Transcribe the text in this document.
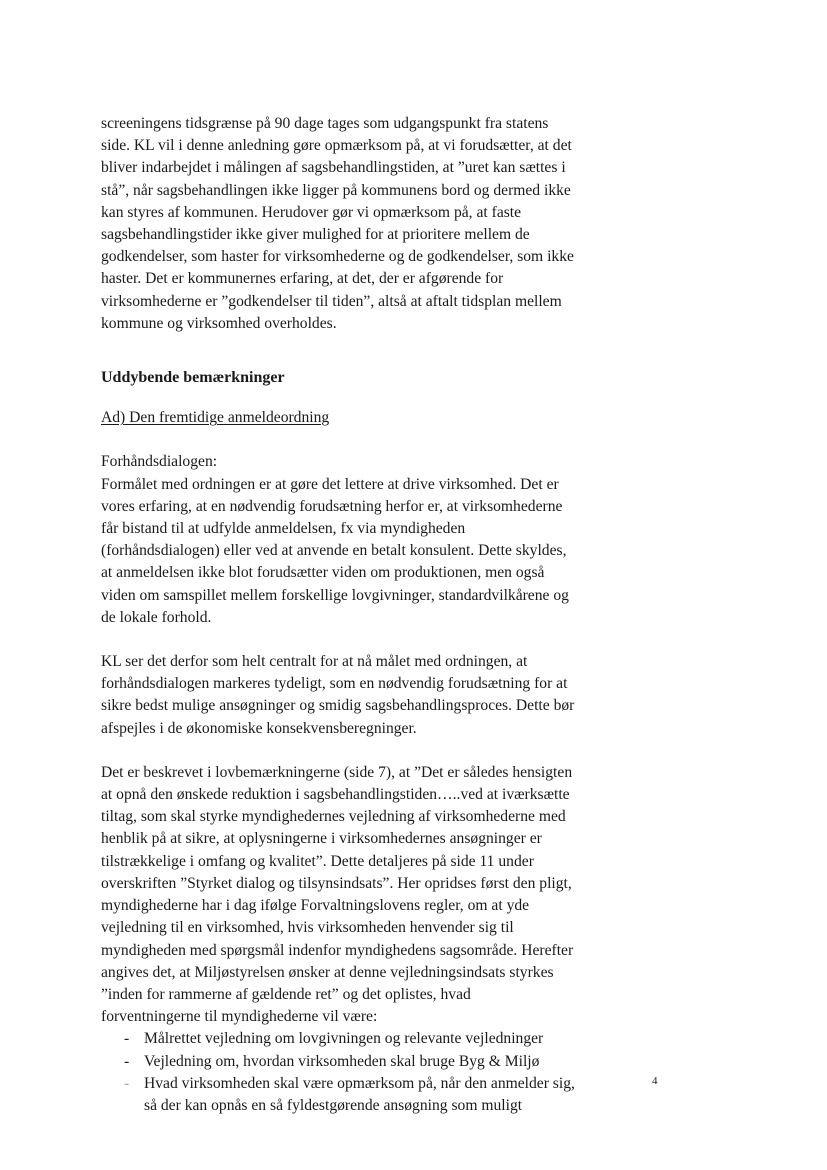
screeningens tidsgrænse på 90 dage tages som udgangspunkt fra statens
side. KL vil i denne anledning gøre opmærksom på, at vi forudsætter, at det
bliver indarbejdet i målingen af sagsbehandlingstiden, at ”uret kan sættes i
stå”, når sagsbehandlingen ikke ligger på kommunens bord og dermed ikke
kan styres af kommunen. Herudover gør vi opmærksom på, at faste
sagsbehandlingstider ikke giver mulighed for at prioritere mellem de
godkendelser, som haster for virksomhederne og de godkendelser, som ikke
haster. Det er kommunernes erfaring, at det, der er afgørende for
virksomhederne er ”godkendelser til tiden”, altså at aftalt tidsplan mellem
kommune og virksomhed overholdes.
Uddybende bemærkninger
Ad) Den fremtidige anmeldeordning
Forhåndsdialogen:
Formålet med ordningen er at gøre det lettere at drive virksomhed. Det er
vores erfaring, at en nødvendig forudsætning herfor er, at virksomhederne
får bistand til at udfylde anmeldelsen, fx via myndigheden
(forhåndsdialogen) eller ved at anvende en betalt konsulent. Dette skyldes,
at anmeldelsen ikke blot forudsætter viden om produktionen, men også
viden om samspillet mellem forskellige lovgivninger, standardvilkårene og
de lokale forhold.
KL ser det derfor som helt centralt for at nå målet med ordningen, at
forhåndsdialogen markeres tydeligt, som en nødvendig forudsætning for at
sikre bedst mulige ansøgninger og smidig sagsbehandlingsproces. Dette bør
afspejles i de økonomiske konsekvensberegninger.
Det er beskrevet i lovbemærkningerne (side 7), at ”Det er således hensigten
at opnå den ønskede reduktion i sagsbehandlingstiden…..ved at iværksætte
tiltag, som skal styrke myndighedernes vejledning af virksomhederne med
henblik på at sikre, at oplysningerne i virksomhedernes ansøgninger er
tilstrækkelige i omfang og kvalitet”. Dette detaljeres på side 11 under
overskriften ”Styrket dialog og tilsynsindsats”. Her opridses først den pligt,
myndighederne har i dag ifølge Forvaltningslovens regler, om at yde
vejledning til en virksomhed, hvis virksomheden henvender sig til
myndigheden med spørgsmål indenfor myndighedens sagsområde. Herefter
angives det, at Miljøstyrelsen ønsker at denne vejledningsindsats styrkes
”inden for rammerne af gældende ret” og det oplistes, hvad
forventningerne til myndighederne vil være:
- Målrettet vejledning om lovgivningen og relevante vejledninger
- Vejledning om, hvordan virksomheden skal bruge Byg & Miljø
- Hvad virksomheden skal være opmærksom på, når den anmelder sig,
så der kan opnås en så fyldestgørende ansøgning som muligt
4
